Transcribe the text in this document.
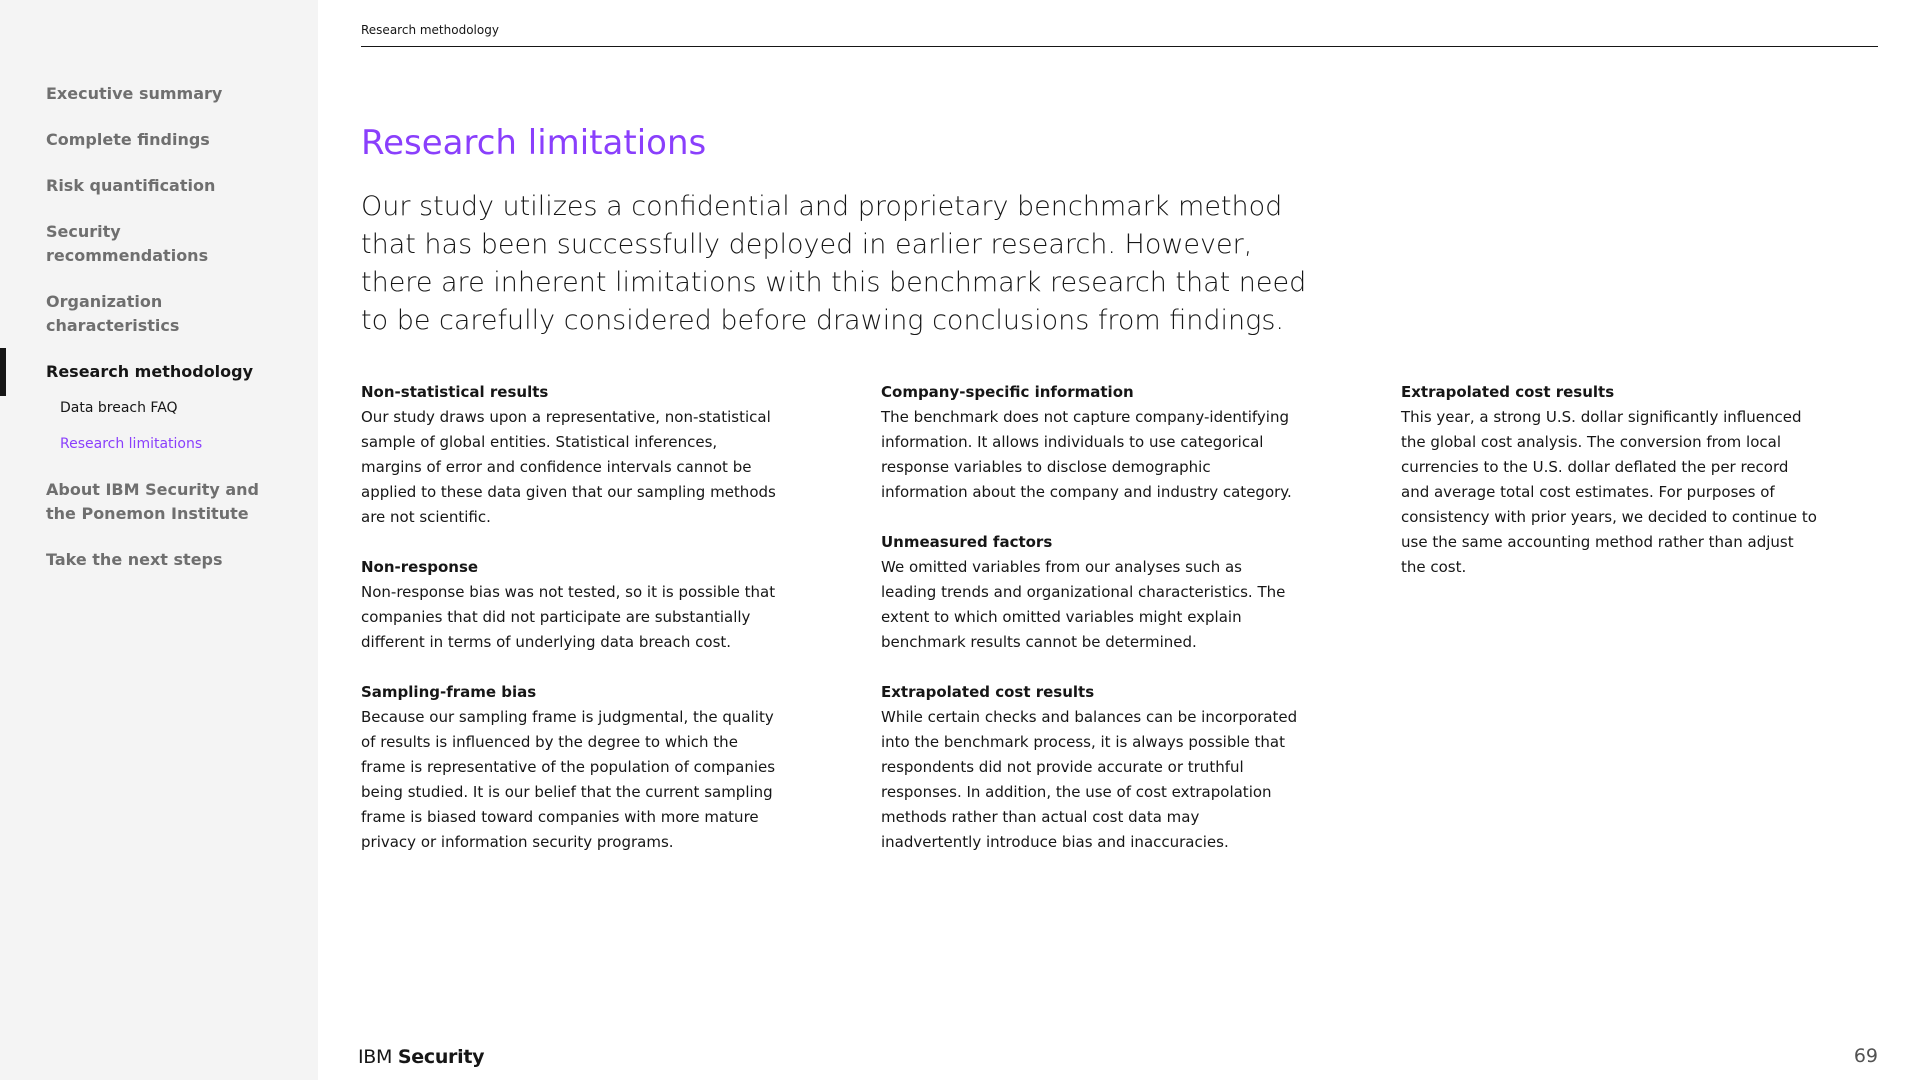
Executive summary
Complete findings
Risk quantification
Security recommendations
Organization characteristics
Research methodology
Data breach FAQ
Research limitations
About IBM Security and the Ponemon Institute
Take the next steps
Research methodology
Research limitations

Our study utilizes a confidential and proprietary benchmark method that has been successfully deployed in earlier research. However, there are inherent limitations with this benchmark research that need to be carefully considered before drawing conclusions from findings.

Non-statistical results

Our study draws upon a representative, non-statistical sample of global entities. Statistical inferences, margins of error and confidence intervals cannot be applied to these data given that our sampling methods are not scientific.

Non-response

Non-response bias was not tested, so it is possible that companies that did not participate are substantially different in terms of underlying data breach cost.

Sampling-frame bias

Because our sampling frame is judgmental, the quality of results is influenced by the degree to which the frame is representative of the population of companies being studied. It is our belief that the current sampling frame is biased toward companies with more mature privacy or information security programs.

Company-specific information

The benchmark does not capture company-identifying information. It allows individuals to use categorical response variables to disclose demographic information about the company and industry category.

Unmeasured factors

We omitted variables from our analyses such as leading trends and organizational characteristics. The extent to which omitted variables might explain benchmark results cannot be determined.

Extrapolated cost results

While certain checks and balances can be incorporated into the benchmark process, it is always possible that respondents did not provide accurate or truthful responses. In addition, the use of cost extrapolation methods rather than actual cost data may inadvertently introduce bias and inaccuracies.

Extrapolated cost results

This year, a strong U.S. dollar significantly influenced the global cost analysis. The conversion from local currencies to the U.S. dollar deflated the per record and average total cost estimates. For purposes of consistency with prior years, we decided to continue to use the same accounting method rather than adjust the cost.

IBM Security	69
